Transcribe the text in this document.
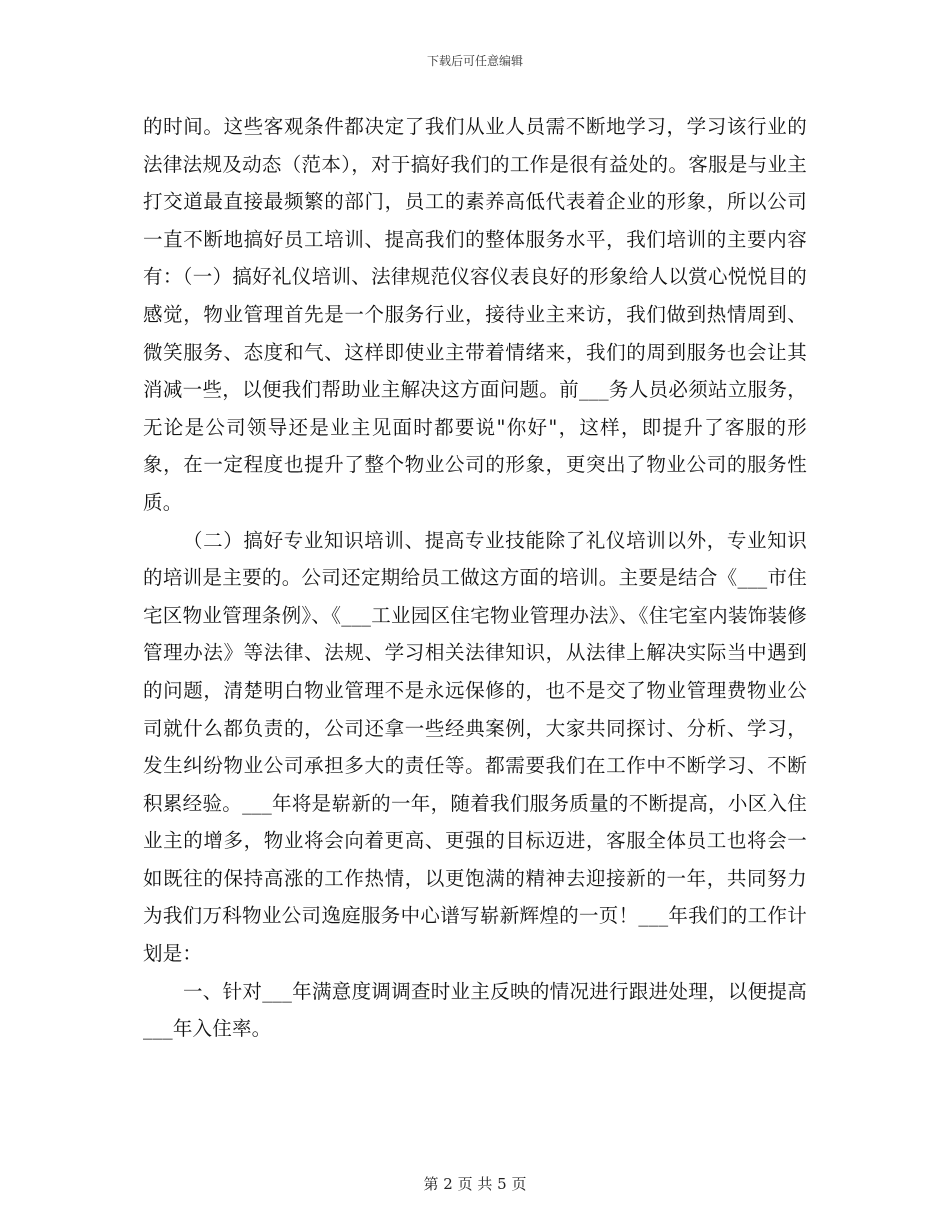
下载后可任意编辑

的时间。这些客观条件都决定了我们从业人员需不断地学习，学习该行业的法律法规及动态（范本），对于搞好我们的工作是很有益处的。客服是与业主打交道最直接最频繁的部门，员工的素养高低代表着企业的形象，所以公司一直不断地搞好员工培训、提高我们的整体服务水平，我们培训的主要内容有：（一）搞好礼仪培训、法律规范仪容仪表良好的形象给人以赏心悦悦目的感觉，物业管理首先是一个服务行业，接待业主来访，我们做到热情周到、微笑服务、态度和气、这样即使业主带着情绪来，我们的周到服务也会让其消减一些，以便我们帮助业主解决这方面问题。前___务人员必须站立服务，无论是公司领导还是业主见面时都要说"你好"，这样，即提升了客服的形象，在一定程度也提升了整个物业公司的形象，更突出了物业公司的服务性质。

（二）搞好专业知识培训、提高专业技能除了礼仪培训以外，专业知识的培训是主要的。公司还定期给员工做这方面的培训。主要是结合《___市住宅区物业管理条例》、《___工业园区住宅物业管理办法》、《住宅室内装饰装修管理办法》等法律、法规、学习相关法律知识，从法律上解决实际当中遇到的问题，清楚明白物业管理不是永远保修的，也不是交了物业管理费物业公司就什么都负责的，公司还拿一些经典案例，大家共同探讨、分析、学习，发生纠纷物业公司承担多大的责任等。都需要我们在工作中不断学习、不断积累经验。___年将是崭新的一年，随着我们服务质量的不断提高，小区入住业主的增多，物业将会向着更高、更强的目标迈进，客服全体员工也将会一如既往的保持高涨的工作热情，以更饱满的精神去迎接新的一年，共同努力为我们万科物业公司逸庭服务中心谱写崭新辉煌的一页！___年我们的工作计划是：

一、针对___年满意度调调查时业主反映的情况进行跟进处理，以便提高___年入住率。

第 2 页 共 5 页
